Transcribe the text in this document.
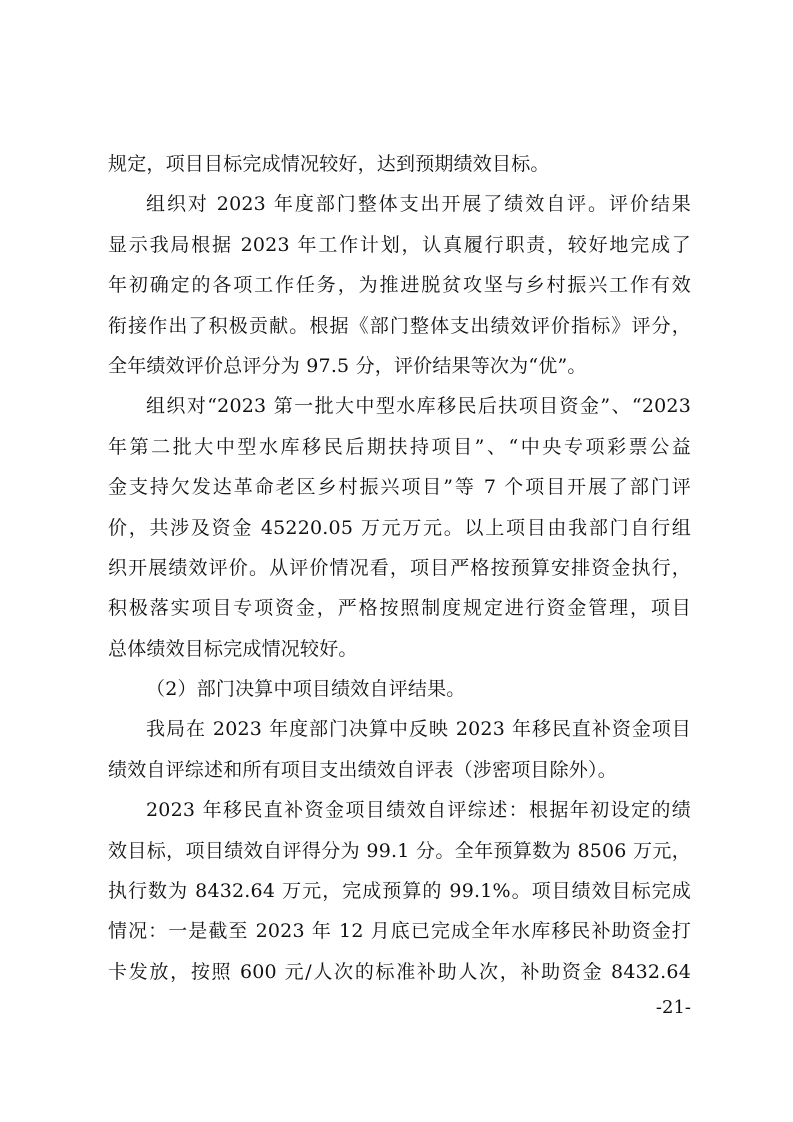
规定，项目目标完成情况较好，达到预期绩效目标。
组织对 2023 年度部门整体支出开展了绩效自评。评价结果
显示我局根据 2023 年工作计划，认真履行职责，较好地完成了
年初确定的各项工作任务，为推进脱贫攻坚与乡村振兴工作有效
衔接作出了积极贡献。根据《部门整体支出绩效评价指标》评分，
全年绩效评价总评分为 97.5 分，评价结果等次为“优”。
组织对“2023 第一批大中型水库移民后扶项目资金”、“2023
年第二批大中型水库移民后期扶持项目”、“中央专项彩票公益
金支持欠发达革命老区乡村振兴项目”等 7 个项目开展了部门评
价，共涉及资金 45220.05 万元万元。以上项目由我部门自行组
织开展绩效评价。从评价情况看，项目严格按预算安排资金执行，
积极落实项目专项资金，严格按照制度规定进行资金管理，项目
总体绩效目标完成情况较好。
（2）部门决算中项目绩效自评结果。
我局在 2023 年度部门决算中反映 2023 年移民直补资金项目
绩效自评综述和所有项目支出绩效自评表（涉密项目除外）。
2023 年移民直补资金项目绩效自评综述：根据年初设定的绩
效目标，项目绩效自评得分为 99.1 分。全年预算数为 8506 万元，
执行数为 8432.64 万元，完成预算的 99.1%。项目绩效目标完成
情况：一是截至 2023 年 12 月底已完成全年水库移民补助资金打
卡发放，按照 600 元/人次的标准补助人次，补助资金 8432.64
-21-
